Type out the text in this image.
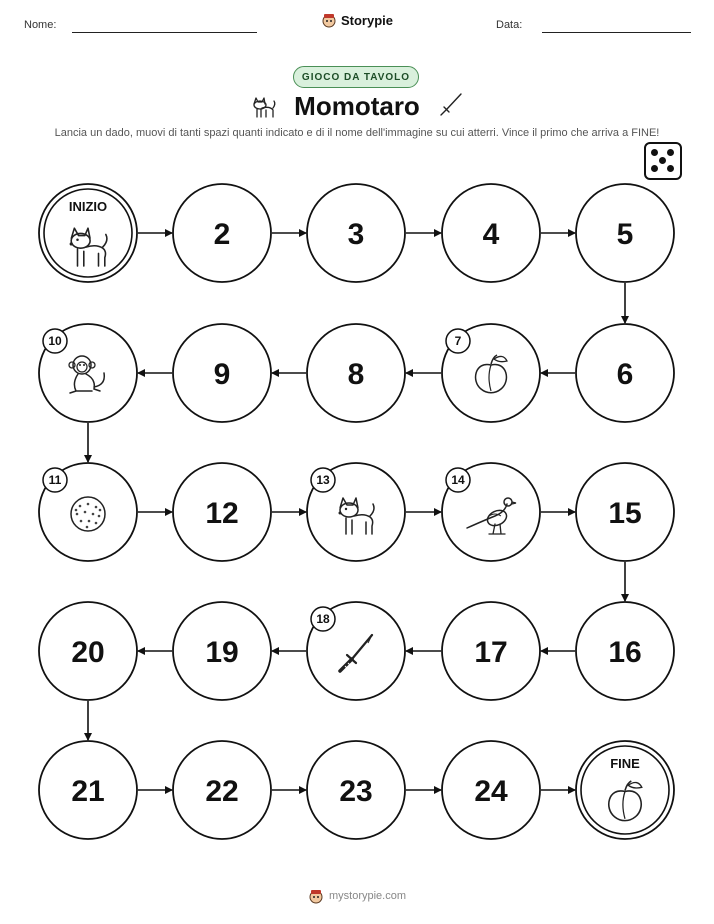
Nome:	Storypie	Data:
GIOCO DA TAVOLO
Momotaro
Lancia un dado, muovi di tanti spazi quanti indicato e di il nome dell'immagine su cui atterri. Vince il primo che arriva a FINE!
INIZIO
2	3	4	5
6
7
8
9
10
11
12
13	14
15
16
17
18
19
20
21	22	23	24
FINE
mystorypie.com
